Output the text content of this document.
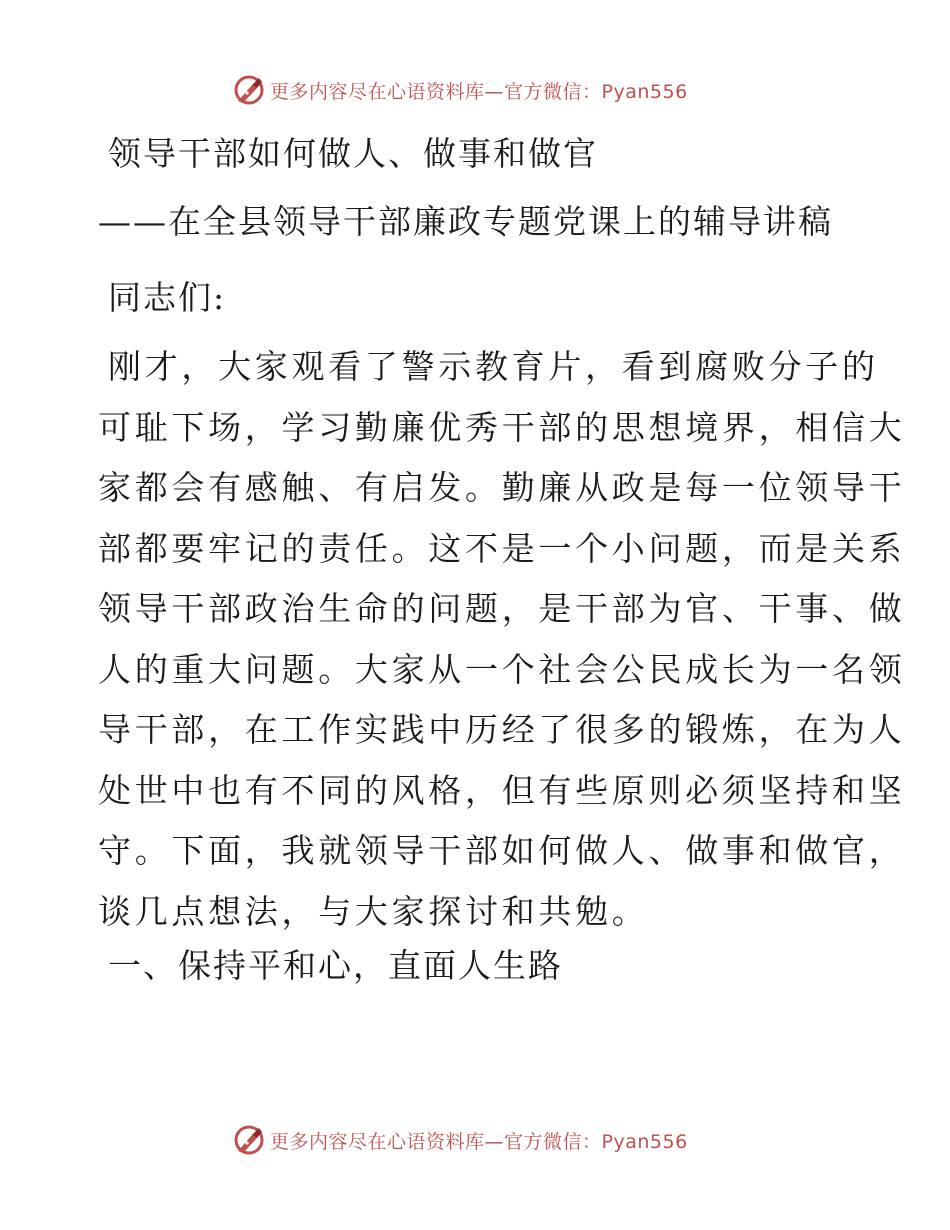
更多内容尽在心语资料库—官方微信：Pyan556
领导干部如何做人、做事和做官
——在全县领导干部廉政专题党课上的辅导讲稿
同志们:
刚才，大家观看了警示教育片，看到腐败分子的
可耻下场，学习勤廉优秀干部的思想境界，相信大
家都会有感触、有启发。勤廉从政是每一位领导干
部都要牢记的责任。这不是一个小问题，而是关系
领导干部政治生命的问题，是干部为官、干事、做
人的重大问题。大家从一个社会公民成长为一名领
导干部，在工作实践中历经了很多的锻炼，在为人
处世中也有不同的风格，但有些原则必须坚持和坚
守。下面，我就领导干部如何做人、做事和做官，
谈几点想法，与大家探讨和共勉。
一、保持平和心，直面人生路
更多内容尽在心语资料库—官方微信：Pyan556
